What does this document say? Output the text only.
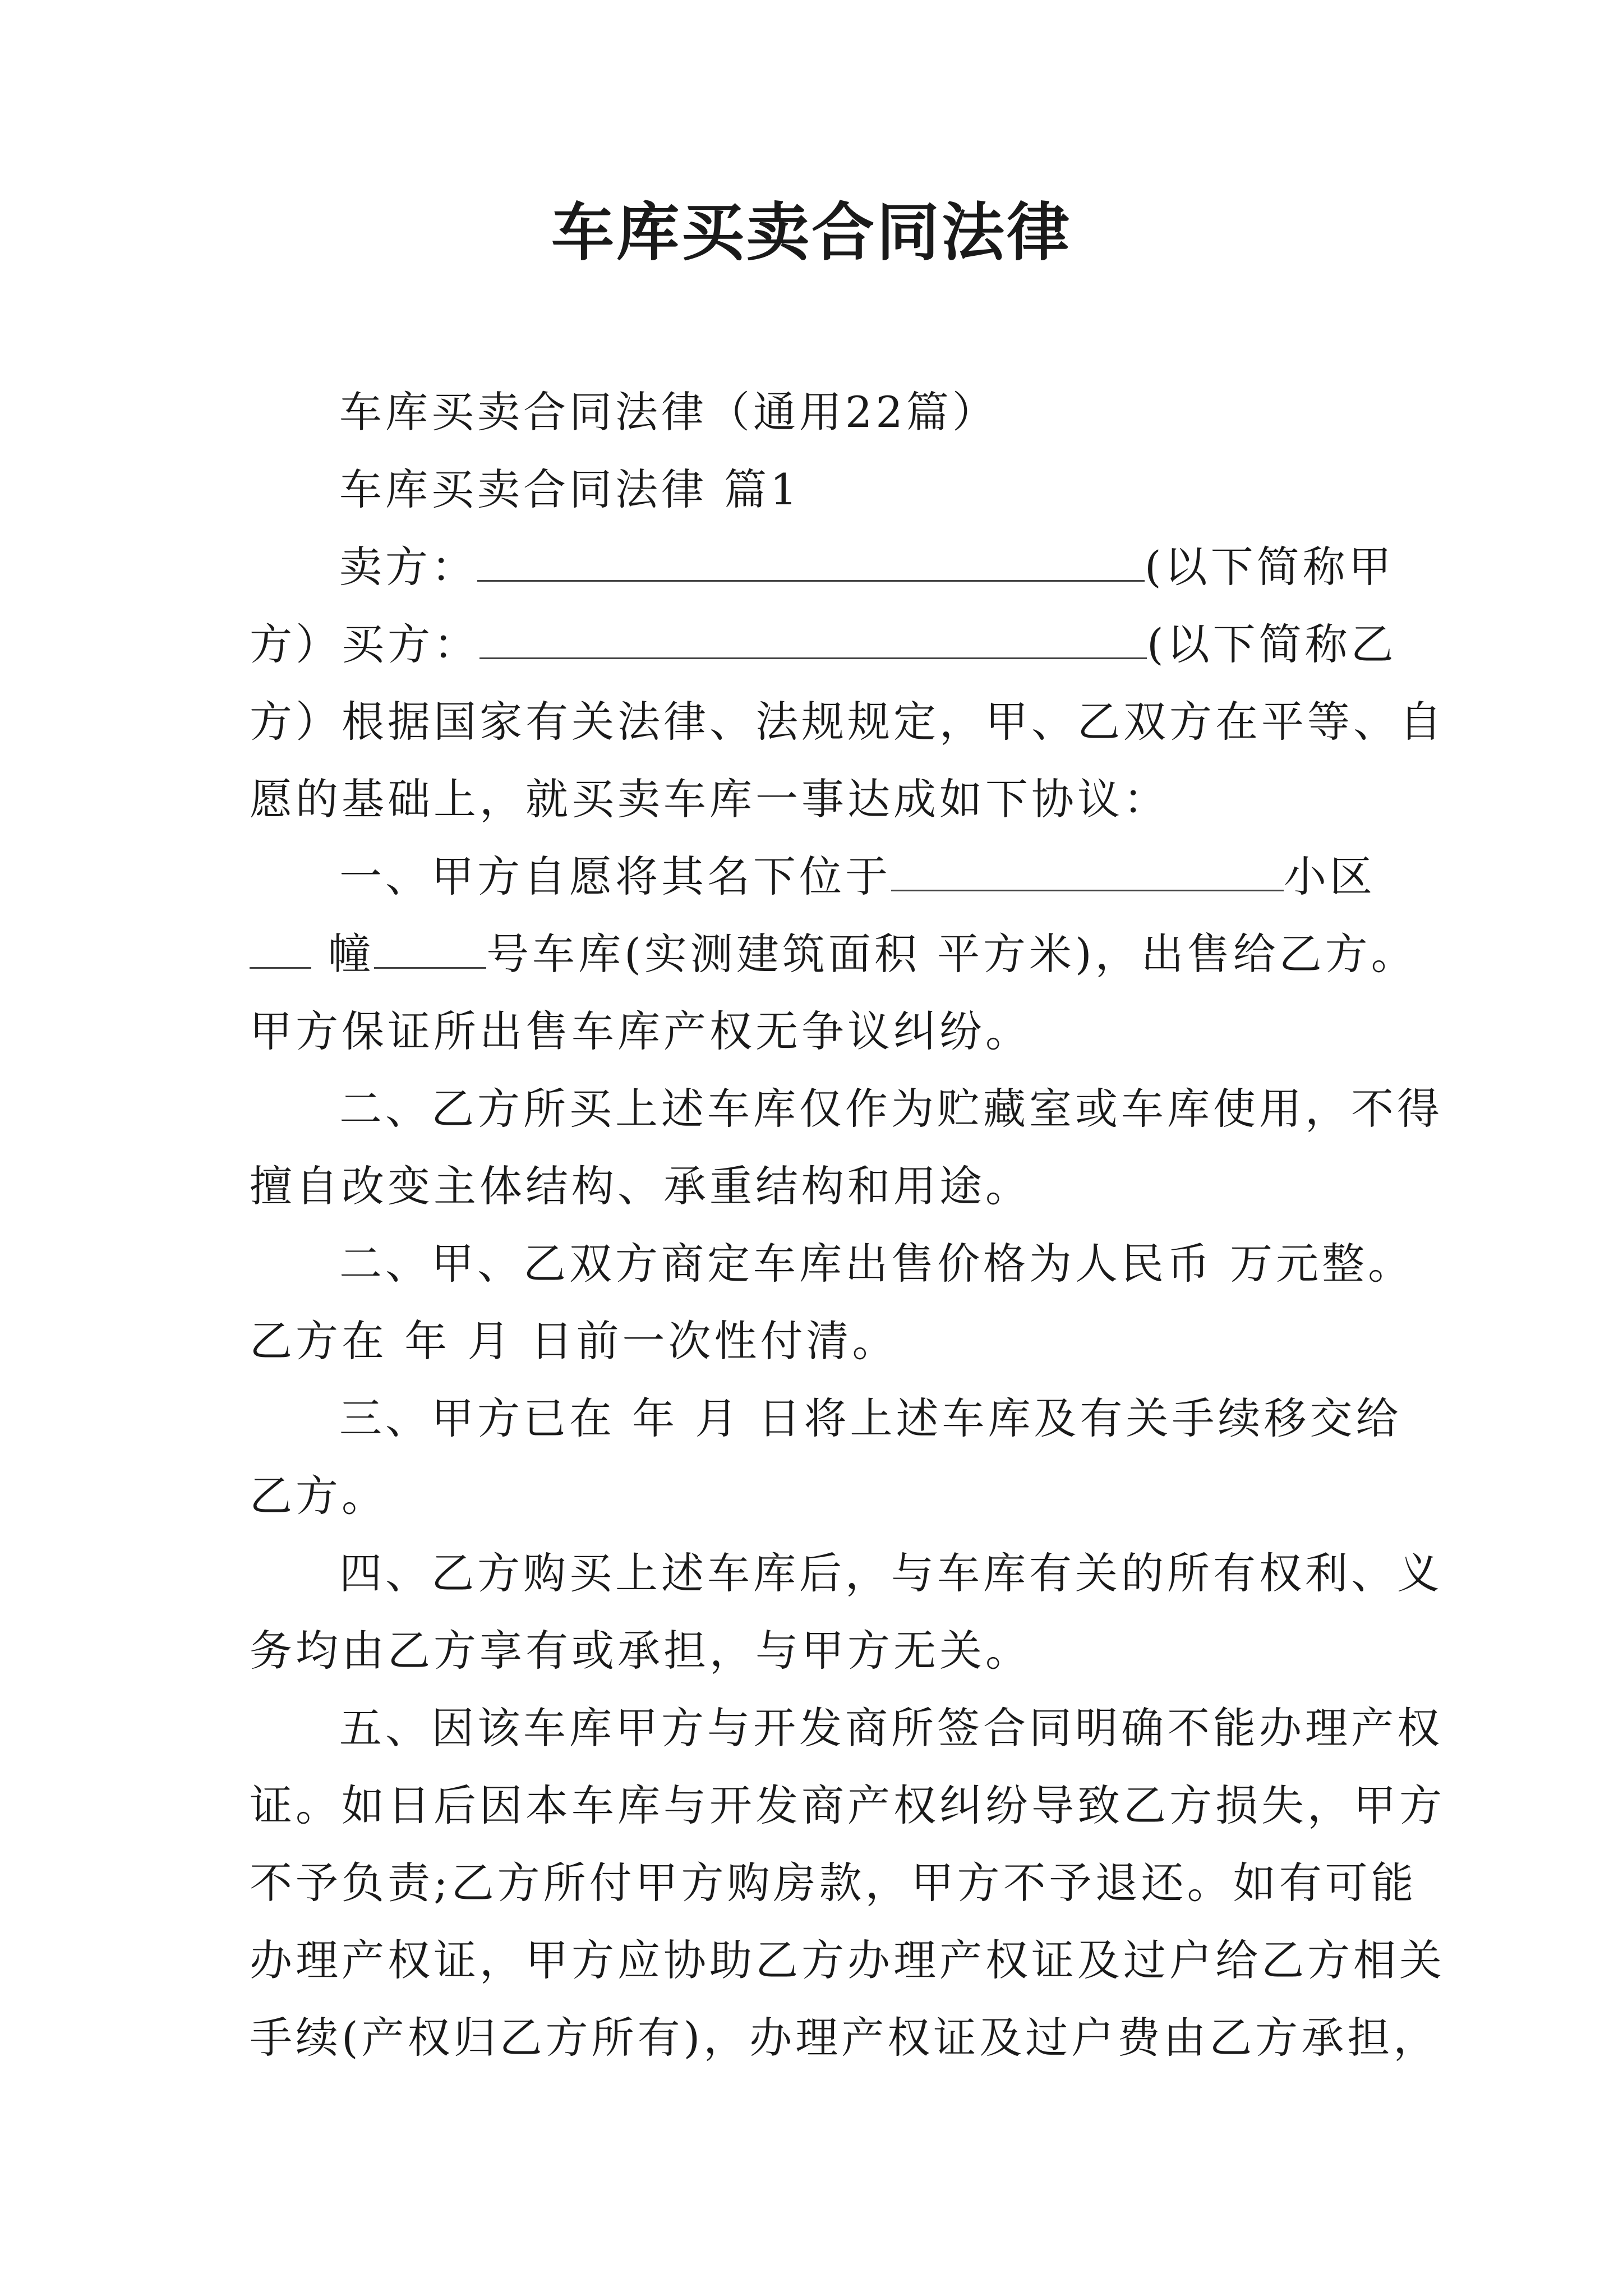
车库买卖合同法律
车库买卖合同法律（通用22篇）
车库买卖合同法律 篇1
卖方：	(以下简称甲
方）买方：	(以下简称乙
方）根据国家有关法律、法规规定，甲、乙双方在平等、自
愿的基础上，就买卖车库一事达成如下协议：
一、甲方自愿将其名下位于	小区
幢	号车库(实测建筑面积 平方米)，出售给乙方。
甲方保证所出售车库产权无争议纠纷。
二、乙方所买上述车库仅作为贮藏室或车库使用，不得
擅自改变主体结构、承重结构和用途。
二、甲、乙双方商定车库出售价格为人民币 万元整。
乙方在 年 月 日前一次性付清。
三、甲方已在 年 月 日将上述车库及有关手续移交给
乙方。
四、乙方购买上述车库后，与车库有关的所有权利、义
务均由乙方享有或承担，与甲方无关。
五、因该车库甲方与开发商所签合同明确不能办理产权
证。如日后因本车库与开发商产权纠纷导致乙方损失，甲方
不予负责;乙方所付甲方购房款，甲方不予退还。如有可能
办理产权证，甲方应协助乙方办理产权证及过户给乙方相关
手续(产权归乙方所有)，办理产权证及过户费由乙方承担，
